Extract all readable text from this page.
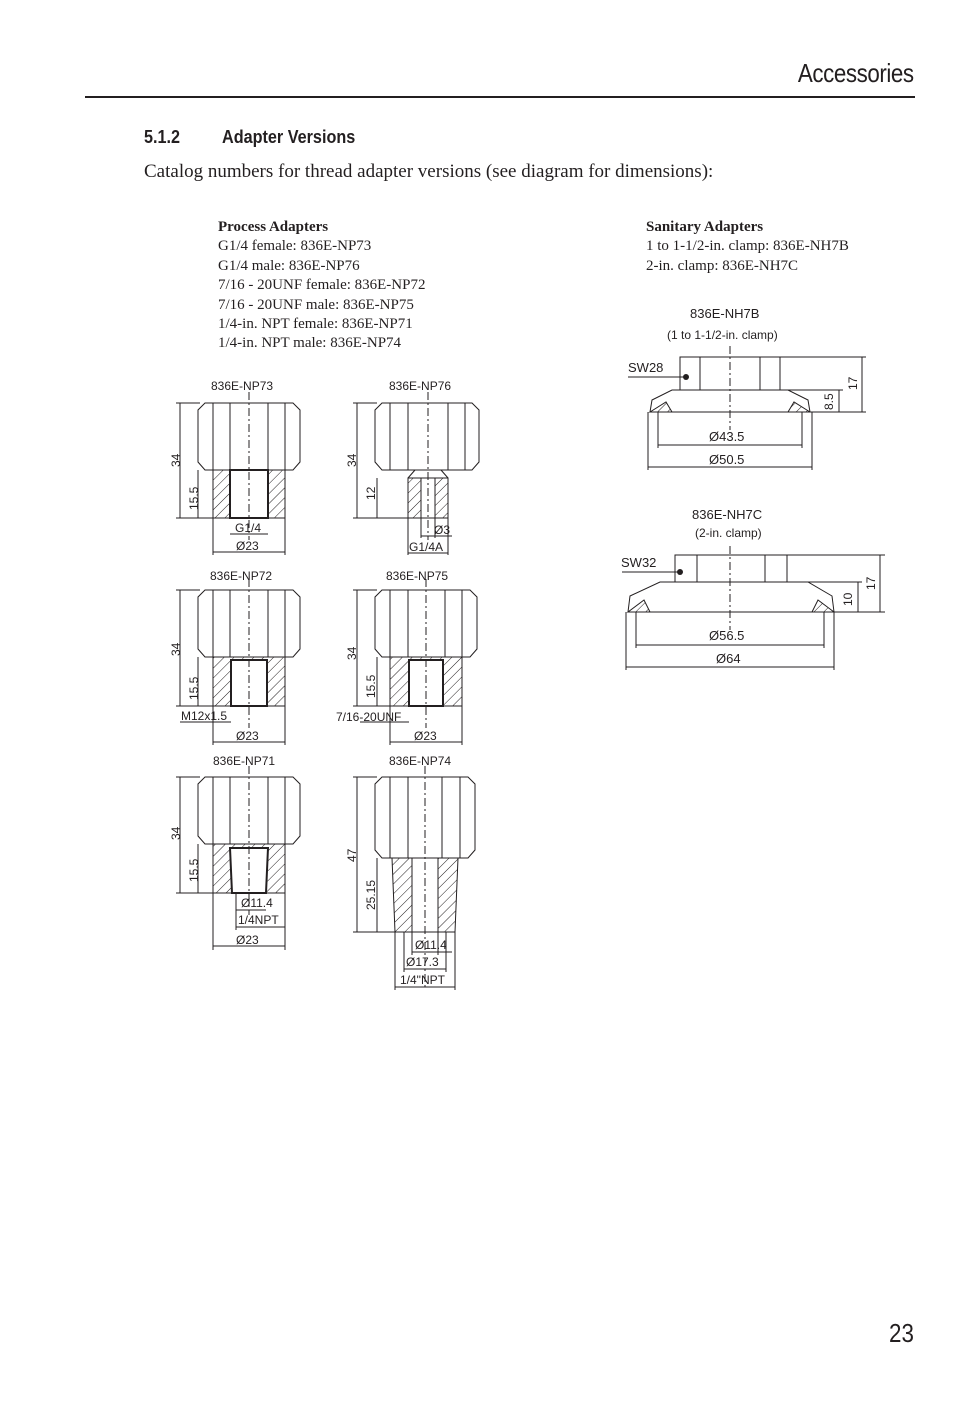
Accessories
5.1.2 Adapter Versions
Catalog numbers for thread adapter versions (see diagram for dimensions):
Process Adapters
G1/4 female: 836E-NP73
G1/4 male: 836E-NP76
7/16 - 20UNF female: 836E-NP72
7/16 - 20UNF male: 836E-NP75
1/4-in. NPT female: 836E-NP71
1/4-in. NPT male: 836E-NP74
Sanitary Adapters
1 to 1-1/2-in. clamp: 836E-NH7B
2-in. clamp: 836E-NH7C
836E-NP73
34
15.5
G1/4
Ø23
836E-NP76
34
12
Ø3
G1/4A
836E-NP72
34
15.5
M12x1.5
Ø23
836E-NP75
34
15.5
7/16-20UNF
Ø23
836E-NP71
34
15.5
Ø11.4
1/4NPT
Ø23
836E-NP74
47
25.15
Ø11.4
Ø17.3
1/4"NPT
836E-NH7B
(1 to 1-1/2-in. clamp)
SW28
8.5
17
Ø43.5
Ø50.5
836E-NH7C
(2-in. clamp)
SW32
10
17
Ø56.5
Ø64
23
